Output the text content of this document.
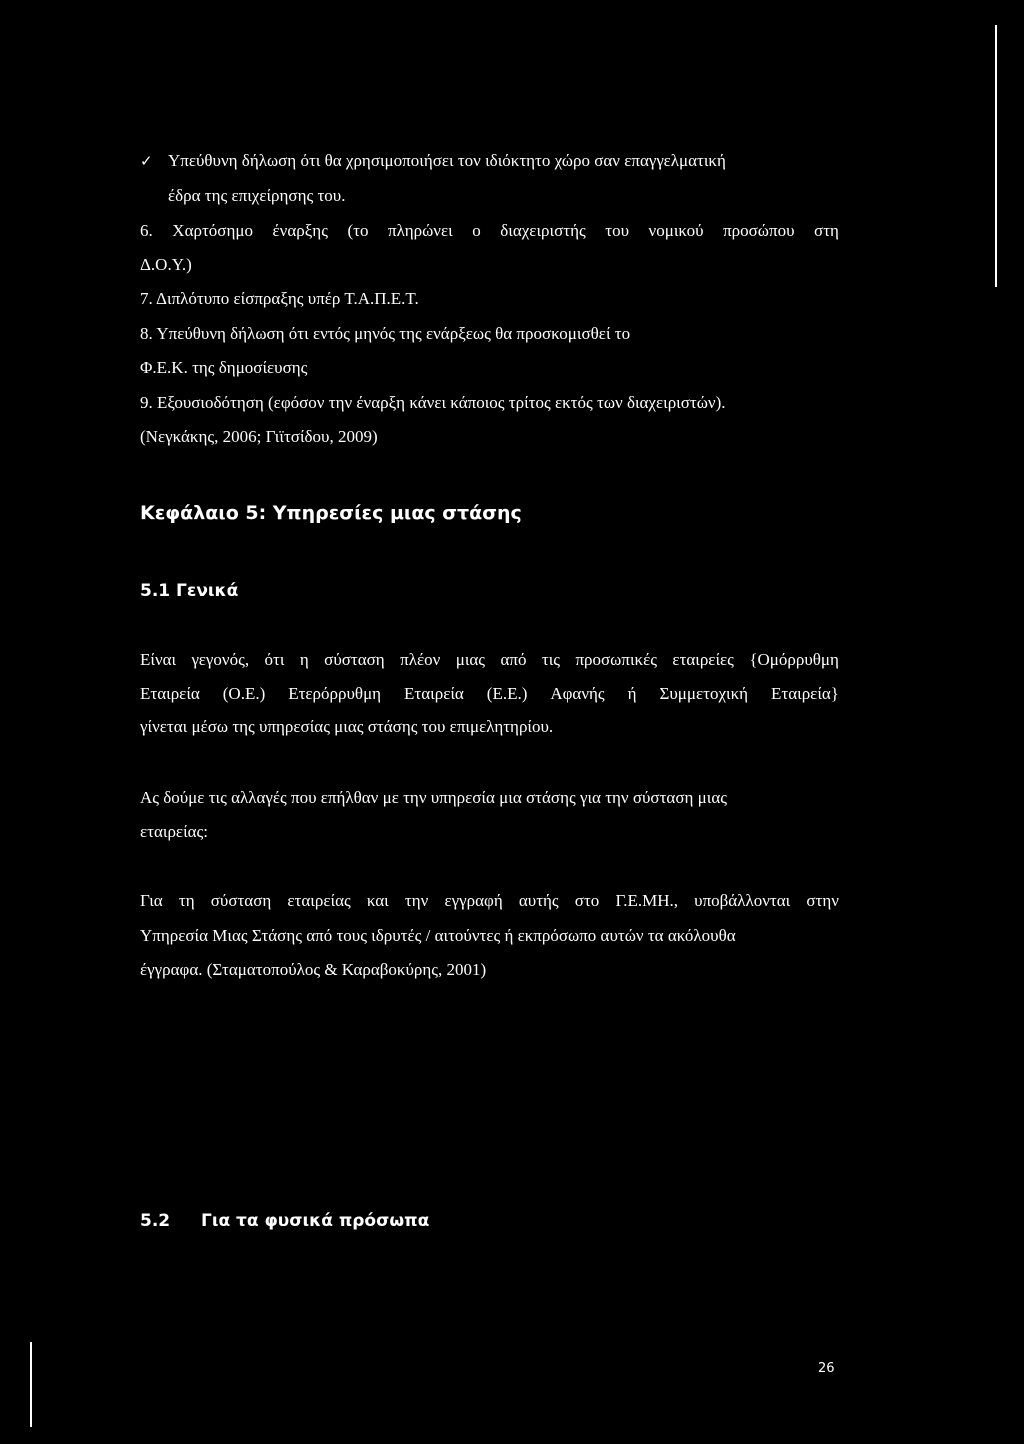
✓ Υπεύθυνη δήλωση ότι θα χρησιμοποιήσει τον ιδιόκτητο χώρο σαν επαγγελματική
έδρα της επιχείρησης του.
6. Χαρτόσημο έναρξης (το πληρώνει ο διαχειριστής του νομικού προσώπου στη
Δ.Ο.Υ.)
7. Διπλότυπο είσπραξης υπέρ Τ.Α.Π.Ε.Τ.
8. Υπεύθυνη δήλωση ότι εντός μηνός της ενάρξεως θα προσκομισθεί το
Φ.Ε.Κ. της δημοσίευσης
9. Εξουσιοδότηση (εφόσον την έναρξη κάνει κάποιος τρίτος εκτός των διαχειριστών).
(Νεγκάκης, 2006; Γιϊτσίδου, 2009)
Κεφάλαιο 5: Υπηρεσίες μιας στάσης
5.1 Γενικά
Είναι γεγονός, ότι η σύσταση πλέον μιας από τις προσωπικές εταιρείες {Ομόρρυθμη
Εταιρεία (Ο.Ε.) Ετερόρρυθμη Εταιρεία (Ε.Ε.) Αφανής ή Συμμετοχική Εταιρεία}
γίνεται μέσω της υπηρεσίας μιας στάσης του επιμελητηρίου.
Ας δούμε τις αλλαγές που επήλθαν με την υπηρεσία μια στάσης για την σύσταση μιας
εταιρείας:
Για τη σύσταση εταιρείας και την εγγραφή αυτής στο Γ.Ε.ΜΗ., υποβάλλονται στην
Υπηρεσία Μιας Στάσης από τους ιδρυτές / αιτούντες ή εκπρόσωπο αυτών τα ακόλουθα
έγγραφα. (Σταματοπούλος & Καραβοκύρης, 2001)
5.2 Για τα φυσικά πρόσωπα
26
